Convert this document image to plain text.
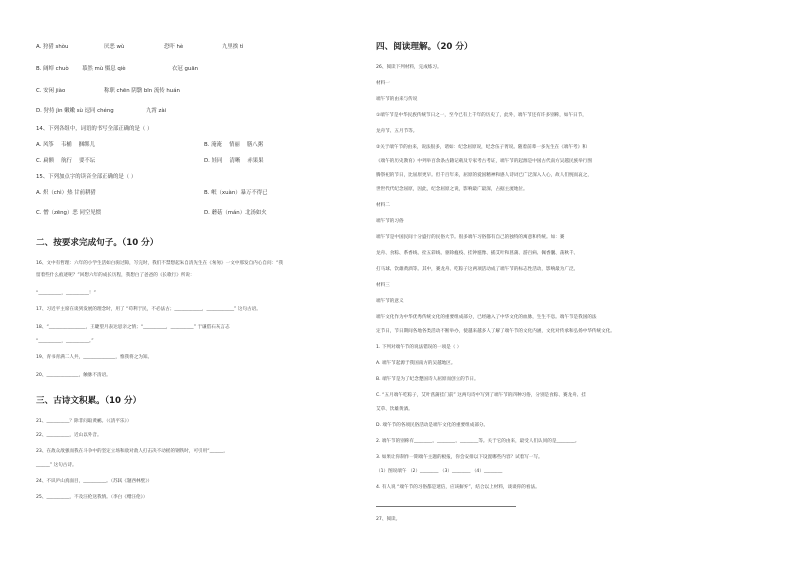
A. 狩猎 shòu	厌恶 wù	恐吓 hè	九里挨 tì
B. 阔绰 chuò 慕然 mù 慑息 qiè	衣冠 guān
C. 安闲 jiào	称职 chēn 阴翳 bīn 流传 huán
D. 狩持 jìn 嫩嫩 sù 逗同 chéng	九霄 zài
14、下列各组中，词语的书写全部正确的是（ ）
A. 风筝　 韦桶　 捆绑儿	B. 淹淹　 情丽　 膳八粥
C. 扁额　 航行　 要不坛	D. 娃同　 清晰　 赤果果
15、下列加点字的读音全部正确的是（ ）
A. 炽（chì）热 甘前耕猎	B. 岷（xuàn）暴万不得已
C. 憎（zēng）恶 同空见惯	D. 蘑菇（mán）北汤如火
二、按要求完成句子。（10 分）
16、文中有哲理：六年的小学生活如白驹过隙，写完时，我们不禁想起朱自清先生在《匆匆》一文中那发自内心自问：“我
留着些什么痕迹呢？”回想六年的成长历程，我想白了爸爸的《长歌行》所说：
“__________，__________！”
17、习近平主席在谈到发展的理念时，用了 “苟利于民，不必法古；____________，____________” 这句古语。
18、“________________，王睫望月表达思亲之情；“__________，__________” 于谦借石灰言志
“__________，__________。”
19、青书青满二人共，______________，惟我将之为知。
20、______________，触脉不清语。
三、古诗文积累。（10 分）
21、__________？除非问取黄鹂。（《清平乐》）
22、__________，近山以外音。
23、在敌众敌强而我在斗争中的坚定立场和敌对敌人打击决不动摇的钢铁时，可引用“______，
______” 这句古诗。
24、不识庐山真面目，__________。（苏轼《题西林壁》）
25、__________，不及汪伦送我情。（李白《赠汪伦》）
四、阅读理解。（20 分）
26、阅读下列材料，完成练习。
材料一
端午节的由来与传说
①端午节是中华民族传统节日之一，至今已有上千年的历史了，此外，端午节还有许多别称，如午日节，
龙舟节、五月节等。
②关于端午节的由来，说法很多，诸如：纪念屈原说，纪念伍子胥说。随着前辈一多先生在《端午考》和
《端午的历史教育》中列举百余条古籍记载及专家考古考证，端午节的起源是中国古代南方吴越民族举行图
腾祭祀的节日，比屈原更早。但千百年来，屈原的爱国精神和感人诗词已广泛深入人心，故人们惋而哀之，
世世代代纪念屈原，因此，纪念屈原之说，影响最广最深，占据主流地位。
材料二
端午节的习俗
端午节是中国民间十分盛行的民俗大节。很多端午习俗都有自己的独特的寓意和传统。如：赛
龙舟、食粽、系香线、拴五彩线、驱除瘟疫、挂钟馗像、插艾叶和菖蒲、游百病、佩香囊、荡秋千、
打马球、饮雄黄酒等。其中，赛龙舟、吃粽子这两项活动成了端午节的标志性活动，影响最为广泛。
材料三
端午节的意义
端午文化作为中华优秀传统文化的重要组成部分，已经融入了中华文化的血脉，生生不息。端午节是我国的法
定节日，节日期间各地各类活动不断举办，使越来越多人了解了端午节的文化内涵，文化对传承和弘扬中华传统文化。
1. 下列对端午节的说法错误的一项是（ ）
A. 端午节起源于我国南方的吴越地区。
B. 端午节是为了纪念楚国诗人屈原而创立的节日。
C. “五月端午吃粽子，艾叶菖蒲挂门前” 这两句诗中写到了端午节的四种习俗，分别是食粽、赛龙舟、挂
艾草、饮雄黄酒。
D. 端午节的各项民俗活动是端午文化的重要组成部分。
2. 端午节的别称有________、________、________等。关于它的由来，最受人们认同的是________。
3. 如果让你制作一期端午主题的板报，你会安排以下设置哪些内容？试着写一写。
（1）图说端午 （2）________ （3）________ （4）________
4. 有人说 “端午节的习俗都是迷信，应该摒弃”，结合以上材料，谈谈你的看法。
27、阅读。
